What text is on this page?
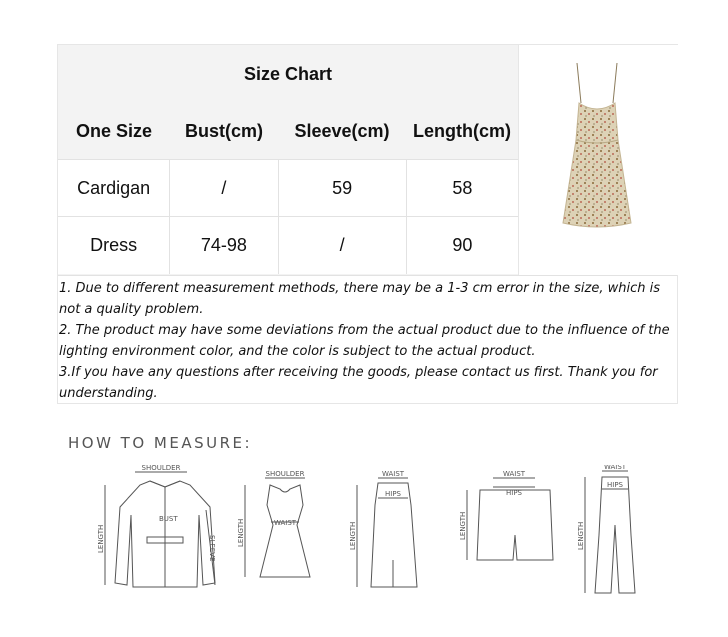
Size Chart
One Size	Bust(cm)	Sleeve(cm)	Length(cm)
Cardigan	/	59	58
Dress	74-98	/	90

1. Due to different measurement methods, there may be a 1-3 cm error in the size, which is not a quality problem.

2. The product may have some deviations from the actual product due to the influence of the lighting environment color, and the color is subject to the actual product.

3.If you have any questions after receiving the goods, please contact us first. Thank you for understanding.

HOW TO MEASURE:
SHOULDER
BUST
SLEEVE
LENGTH
SHOULDER
WAIST
LENGTH
WAIST
HIPS
LENGTH
WAIST
HIPS
LENGTH
WAIST
HIPS
LENGTH
